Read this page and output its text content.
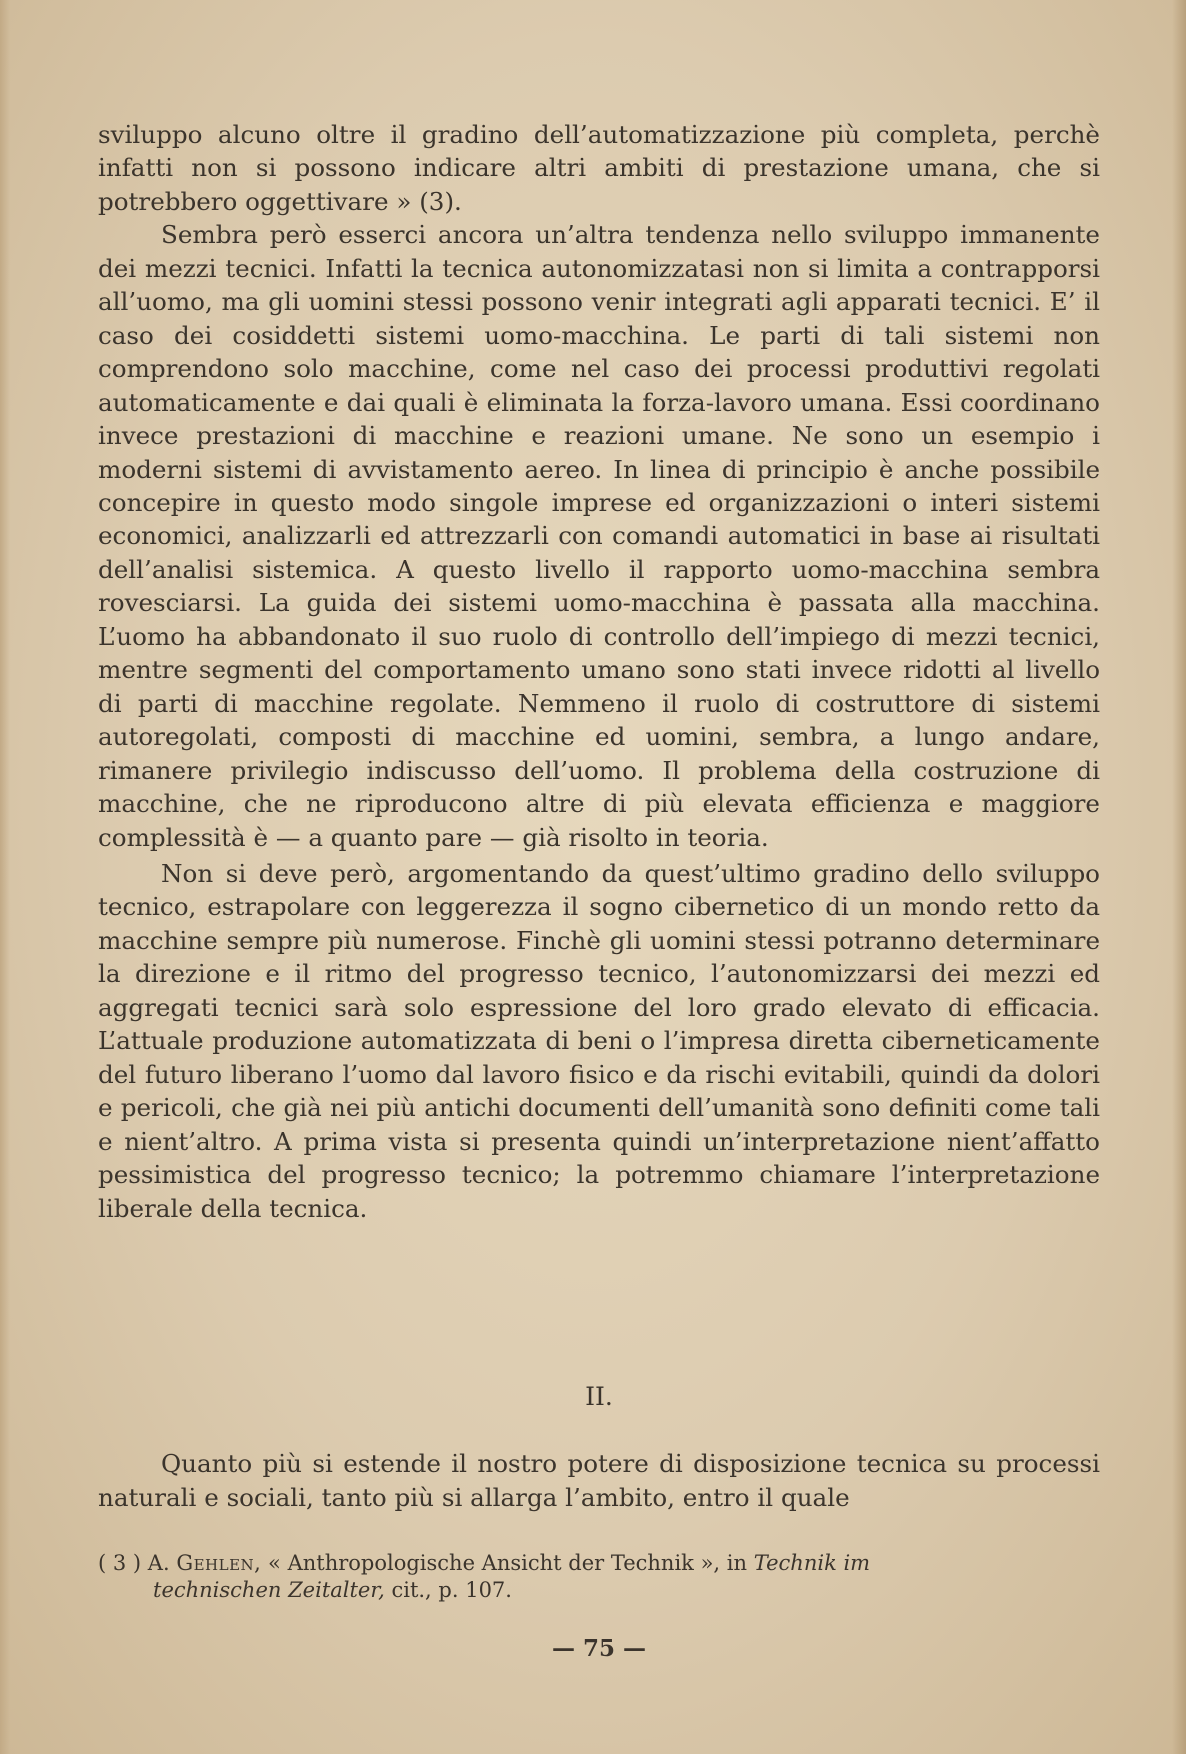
sviluppo alcuno oltre il gradino dell’automatizzazione più completa, perchè infatti non si possono indicare altri ambiti di prestazione umana, che si potrebbero oggettivare » (3).

Sembra però esserci ancora un’altra tendenza nello sviluppo immanente dei mezzi tecnici. Infatti la tecnica autonomizzatasi non si limita a contrapporsi all’uomo, ma gli uomini stessi possono venir integrati agli apparati tecnici. E’ il caso dei cosiddetti sistemi uomo-macchina. Le parti di tali sistemi non comprendono solo macchine, come nel caso dei processi produttivi regolati automaticamente e dai quali è eliminata la forza-lavoro umana. Essi coordinano invece prestazioni di macchine e reazioni umane. Ne sono un esempio i moderni sistemi di avvistamento aereo. In linea di principio è anche possibile concepire in questo modo singole imprese ed organizzazioni o interi sistemi economici, analizzarli ed attrezzarli con comandi automatici in base ai risultati dell’analisi sistemica. A questo livello il rapporto uomo-macchina sembra rovesciarsi. La guida dei sistemi uomo-macchina è passata alla macchina. L’uomo ha abbandonato il suo ruolo di controllo dell’impiego di mezzi tecnici, mentre segmenti del comportamento umano sono stati invece ridotti al livello di parti di macchine regolate. Nemmeno il ruolo di costruttore di sistemi autoregolati, composti di macchine ed uomini, sembra, a lungo andare, rimanere privilegio indiscusso dell’uomo. Il problema della costruzione di macchine, che ne riproducono altre di più elevata efficienza e maggiore complessità è — a quanto pare — già risolto in teoria.

Non si deve però, argomentando da quest’ultimo gradino dello sviluppo tecnico, estrapolare con leggerezza il sogno cibernetico di un mondo retto da macchine sempre più numerose. Finchè gli uomini stessi potranno determinare la direzione e il ritmo del progresso tecnico, l’autonomizzarsi dei mezzi ed aggregati tecnici sarà solo espressione del loro grado elevato di efficacia. L’attuale produzione automatizzata di beni o l’impresa diretta ciberneticamente del futuro liberano l’uomo dal lavoro fisico e da rischi evitabili, quindi da dolori e pericoli, che già nei più antichi documenti dell’umanità sono definiti come tali e nient’altro. A prima vista si presenta quindi un’interpretazione nient’affatto pessimistica del progresso tecnico; la potremmo chiamare l’interpretazione liberale della tecnica.

II.

Quanto più si estende il nostro potere di disposizione tecnica su processi naturali e sociali, tanto più si allarga l’ambito, entro il quale

( 3 ) A. Gehlen, « Anthropologische Ansicht der Technik », in Technik im
technischen Zeitalter, cit., p. 107.

— 75 —
